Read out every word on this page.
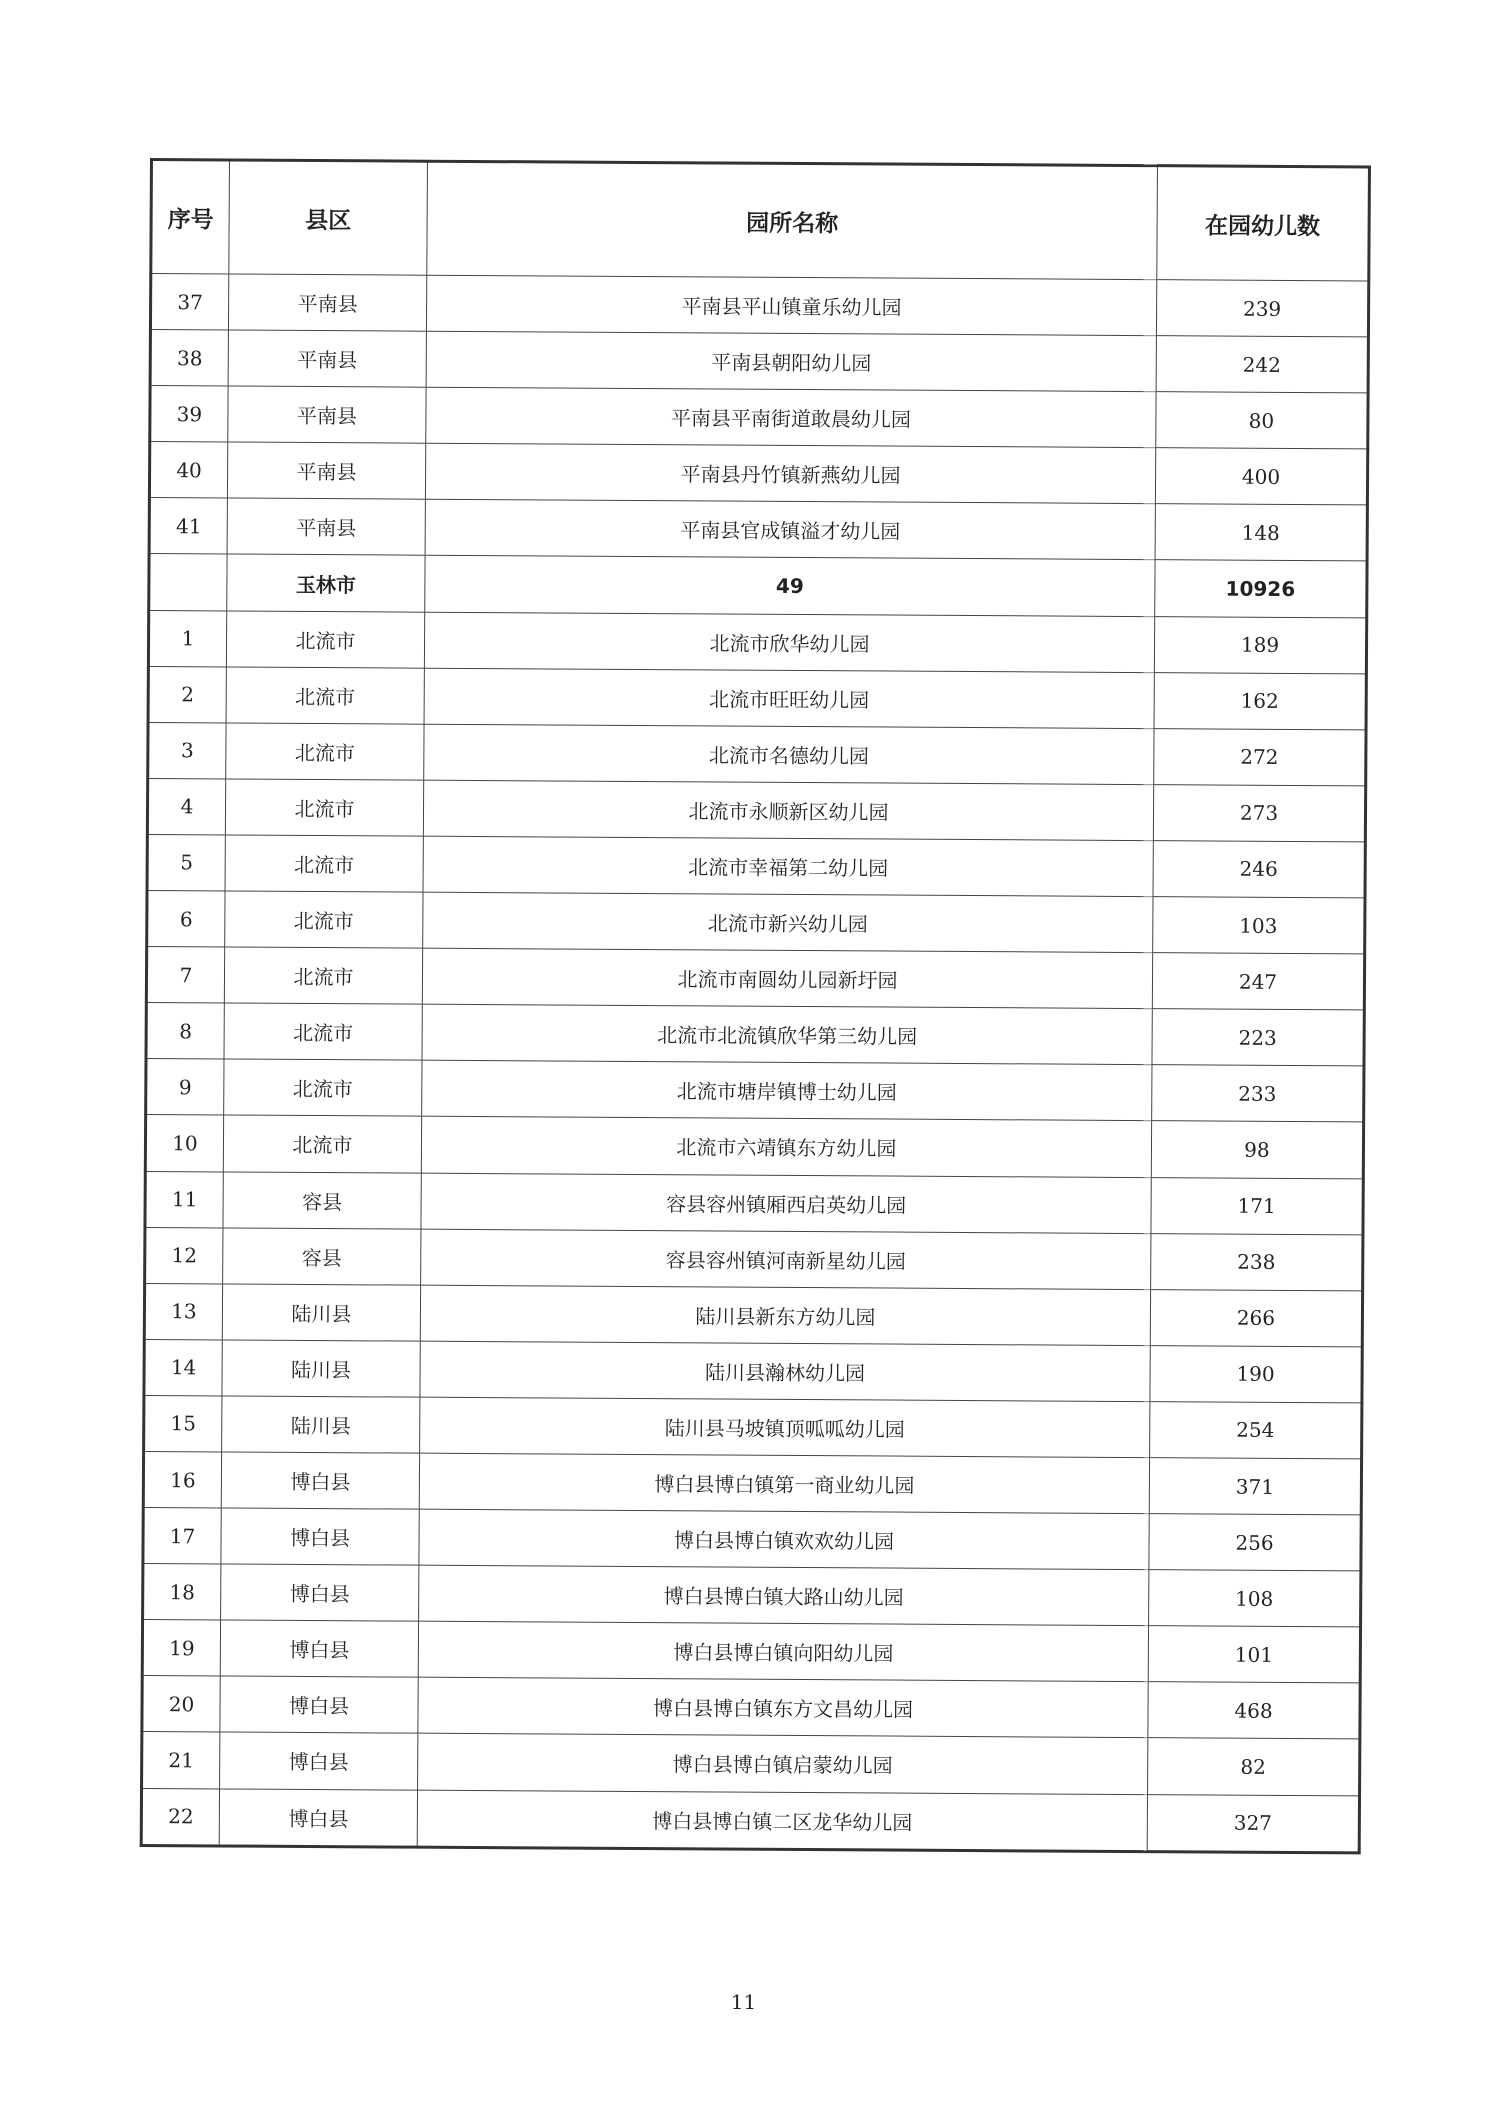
序号	县区	园所名称	在园幼儿数
37	平南县	平南县平山镇童乐幼儿园	239
38	平南县	平南县朝阳幼儿园	242
39	平南县	平南县平南街道敢晨幼儿园	80
40	平南县	平南县丹竹镇新燕幼儿园	400
41	平南县	平南县官成镇溢才幼儿园	148
	玉林市	49	10926
1	北流市	北流市欣华幼儿园	189
2	北流市	北流市旺旺幼儿园	162
3	北流市	北流市名德幼儿园	272
4	北流市	北流市永顺新区幼儿园	273
5	北流市	北流市幸福第二幼儿园	246
6	北流市	北流市新兴幼儿园	103
7	北流市	北流市南圆幼儿园新圩园	247
8	北流市	北流市北流镇欣华第三幼儿园	223
9	北流市	北流市塘岸镇博士幼儿园	233
10	北流市	北流市六靖镇东方幼儿园	98
11	容县	容县容州镇厢西启英幼儿园	171
12	容县	容县容州镇河南新星幼儿园	238
13	陆川县	陆川县新东方幼儿园	266
14	陆川县	陆川县瀚林幼儿园	190
15	陆川县	陆川县马坡镇顶呱呱幼儿园	254
16	博白县	博白县博白镇第一商业幼儿园	371
17	博白县	博白县博白镇欢欢幼儿园	256
18	博白县	博白县博白镇大路山幼儿园	108
19	博白县	博白县博白镇向阳幼儿园	101
20	博白县	博白县博白镇东方文昌幼儿园	468
21	博白县	博白县博白镇启蒙幼儿园	82
22	博白县	博白县博白镇二区龙华幼儿园	327
11
